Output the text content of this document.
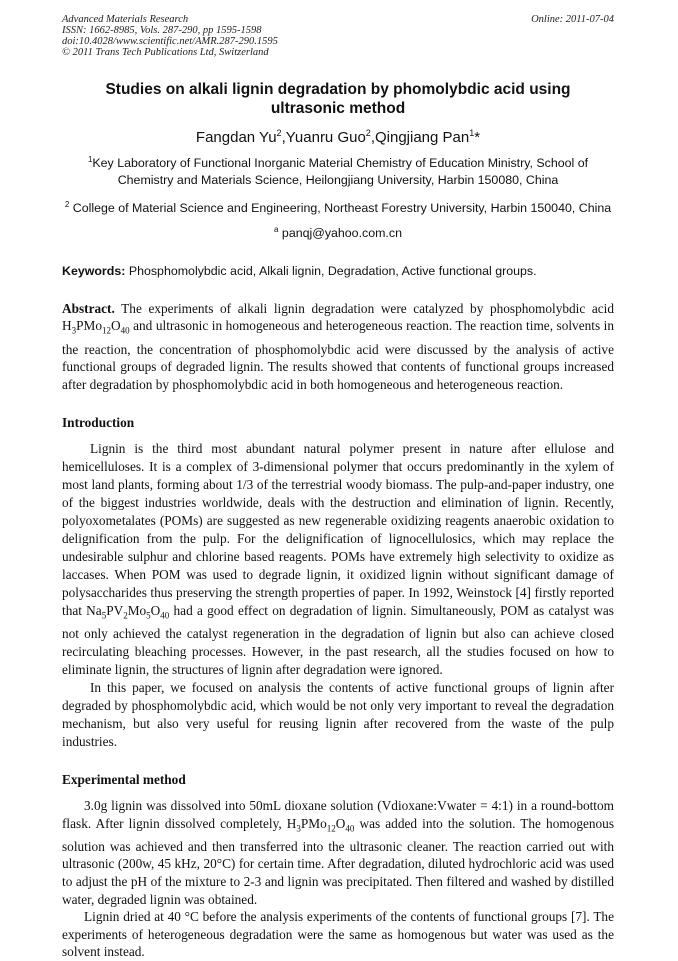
Advanced Materials Research
ISSN: 1662-8985, Vols. 287-290, pp 1595-1598
doi:10.4028/www.scientific.net/AMR.287-290.1595
© 2011 Trans Tech Publications Ltd, Switzerland
Online: 2011-07-04
Studies on alkali lignin degradation by phomolybdic acid using
ultrasonic method
Fangdan Yu$^2$,Yuanru Guo$^2$,Qingjiang Pan$^1$*
$^1$Key Laboratory of Functional Inorganic Material Chemistry of Education Ministry, School of
Chemistry and Materials Science, Heilongjiang University, Harbin 150080, China
$^2$ College of Material Science and Engineering, Northeast Forestry University, Harbin 150040, China
$^a$ panqj@yahoo.com.cn
Keywords: Phosphomolybdic acid, Alkali lignin, Degradation, Active functional groups.
Abstract. The experiments of alkali lignin degradation were catalyzed by phosphomolybdic acid $H_3PMo_{12}O_{40}$ and ultrasonic in homogeneous and heterogeneous reaction. The reaction time, solvents in the reaction, the concentration of phosphomolybdic acid were discussed by the analysis of active functional groups of degraded lignin. The results showed that contents of functional groups increased after degradation by phosphomolybdic acid in both homogeneous and heterogeneous reaction.
Introduction

Lignin is the third most abundant natural polymer present in nature after ellulose and hemicelluloses. It is a complex of 3-dimensional polymer that occurs predominantly in the xylem of most land plants, forming about 1/3 of the terrestrial woody biomass. The pulp-and-paper industry, one of the biggest industries worldwide, deals with the destruction and elimination of lignin. Recently, polyoxometalates (POMs) are suggested as new regenerable oxidizing reagents anaerobic oxidation to delignification from the pulp. For the delignification of lignocellulosics, which may replace the undesirable sulphur and chlorine based reagents. POMs have extremely high selectivity to oxidize as laccases. When POM was used to degrade lignin, it oxidized lignin without significant damage of polysaccharides thus preserving the strength properties of paper. In 1992, Weinstock [4] firstly reported that $Na_5PV_2Mo_5O_{40}$ had a good effect on degradation of lignin. Simultaneously, POM as catalyst was not only achieved the catalyst regeneration in the degradation of lignin but also can achieve closed recirculating bleaching processes. However, in the past research, all the studies focused on how to eliminate lignin, the structures of lignin after degradation were ignored.

In this paper, we focused on analysis the contents of active functional groups of lignin after degraded by phosphomolybdic acid, which would be not only very important to reveal the degradation mechanism, but also very useful for reusing lignin after recovered from the waste of the pulp industries.

Experimental method

3.0g lignin was dissolved into 50mL dioxane solution (Vdioxane:Vwater = 4:1) in a round-bottom flask. After lignin dissolved completely, $H_3PMo_{12}O_{40}$ was added into the solution. The homogenous solution was achieved and then transferred into the ultrasonic cleaner. The reaction carried out with ultrasonic (200w, 45 kHz, 20°C) for certain time. After degradation, diluted hydrochloric acid was used to adjust the pH of the mixture to 2-3 and lignin was precipitated. Then filtered and washed by distilled water, degraded lignin was obtained.

Lignin dried at 40 °C before the analysis experiments of the contents of functional groups [7]. The experiments of heterogeneous degradation were the same as homogenous but water was used as the solvent instead.
